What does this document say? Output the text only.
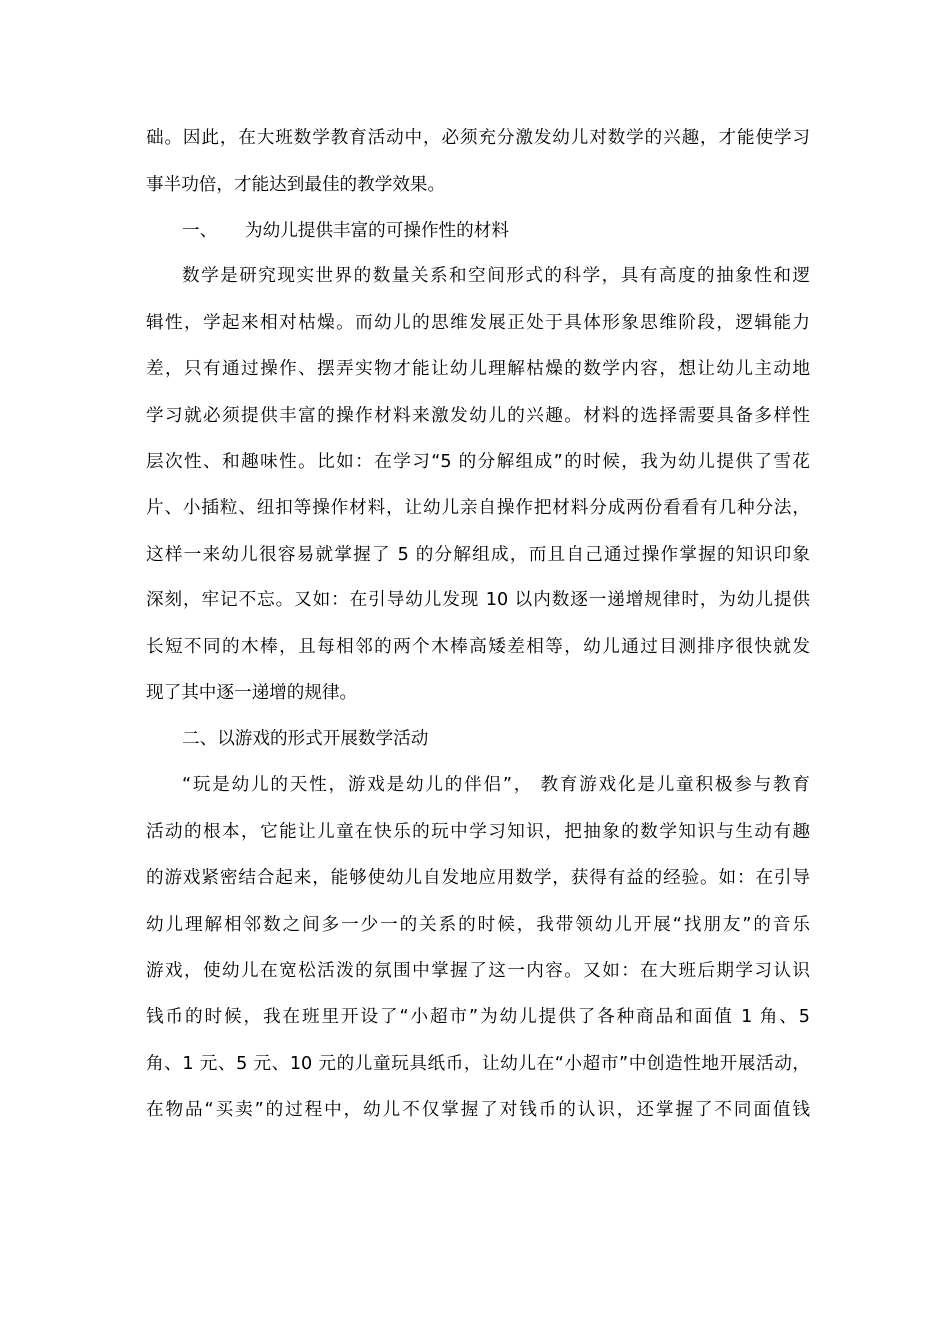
础。因此，在大班数学教育活动中，必须充分激发幼儿对数学的兴趣，才能使学习
事半功倍，才能达到最佳的教学效果。
一、 为幼儿提供丰富的可操作性的材料
数学是研究现实世界的数量关系和空间形式的科学，具有高度的抽象性和逻
辑性，学起来相对枯燥。而幼儿的思维发展正处于具体形象思维阶段，逻辑能力
差，只有通过操作、摆弄实物才能让幼儿理解枯燥的数学内容，想让幼儿主动地
学习就必须提供丰富的操作材料来激发幼儿的兴趣。材料的选择需要具备多样性
层次性、和趣味性。比如：在学习“5 的分解组成”的时候，我为幼儿提供了雪花
片、小插粒、纽扣等操作材料，让幼儿亲自操作把材料分成两份看看有几种分法，
这样一来幼儿很容易就掌握了 5 的分解组成，而且自己通过操作掌握的知识印象
深刻，牢记不忘。又如：在引导幼儿发现 10 以内数逐一递增规律时，为幼儿提供
长短不同的木棒，且每相邻的两个木棒高矮差相等，幼儿通过目测排序很快就发
现了其中逐一递增的规律。
二、以游戏的形式开展数学活动
“玩是幼儿的天性，游戏是幼儿的伴侣”， 教育游戏化是儿童积极参与教育
活动的根本，它能让儿童在快乐的玩中学习知识，把抽象的数学知识与生动有趣
的游戏紧密结合起来，能够使幼儿自发地应用数学，获得有益的经验。如：在引导
幼儿理解相邻数之间多一少一的关系的时候，我带领幼儿开展“找朋友”的音乐
游戏，使幼儿在宽松活泼的氛围中掌握了这一内容。又如：在大班后期学习认识
钱币的时候，我在班里开设了“小超市”为幼儿提供了各种商品和面值 1 角、5
角、1 元、5 元、10 元的儿童玩具纸币，让幼儿在“小超市”中创造性地开展活动，
在物品“买卖”的过程中，幼儿不仅掌握了对钱币的认识，还掌握了不同面值钱
